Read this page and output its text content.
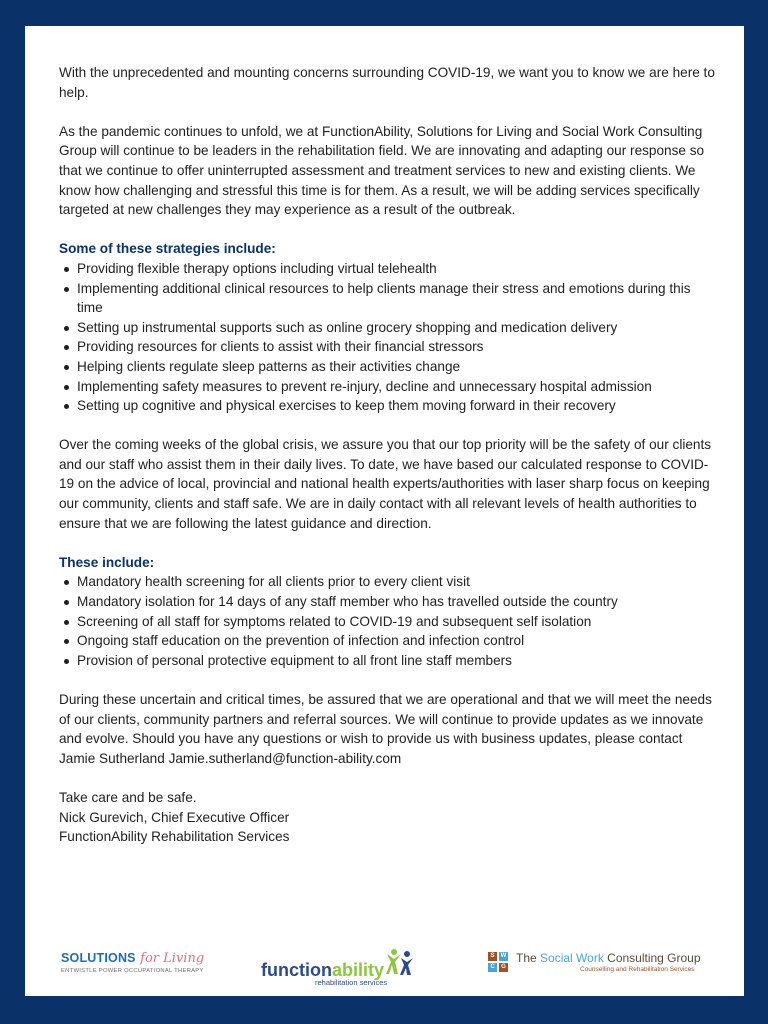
With the unprecedented and mounting concerns surrounding COVID-19, we want you to know we are here to help.

As the pandemic continues to unfold, we at FunctionAbility, Solutions for Living and Social Work Consulting Group will continue to be leaders in the rehabilitation field. We are innovating and adapting our response so that we continue to offer uninterrupted assessment and treatment services to new and existing clients. We know how challenging and stressful this time is for them. As a result, we will be adding services specifically targeted at new challenges they may experience as a result of the outbreak.

Some of these strategies include:
Providing flexible therapy options including virtual telehealth
Implementing additional clinical resources to help clients manage their stress and emotions during this time
Setting up instrumental supports such as online grocery shopping and medication delivery
Providing resources for clients to assist with their financial stressors
Helping clients regulate sleep patterns as their activities change
Implementing safety measures to prevent re-injury, decline and unnecessary hospital admission
Setting up cognitive and physical exercises to keep them moving forward in their recovery

Over the coming weeks of the global crisis, we assure you that our top priority will be the safety of our clients and our staff who assist them in their daily lives. To date, we have based our calculated response to COVID-19 on the advice of local, provincial and national health experts/authorities with laser sharp focus on keeping our community, clients and staff safe. We are in daily contact with all relevant levels of health authorities to ensure that we are following the latest guidance and direction.

These include:
Mandatory health screening for all clients prior to every client visit
Mandatory isolation for 14 days of any staff member who has travelled outside the country
Screening of all staff for symptoms related to COVID-19 and subsequent self isolation
Ongoing staff education on the prevention of infection and infection control
Provision of personal protective equipment to all front line staff members

During these uncertain and critical times, be assured that we are operational and that we will meet the needs of our clients, community partners and referral sources. We will continue to provide updates as we innovate and evolve. Should you have any questions or wish to provide us with business updates, please contact Jamie Sutherland Jamie.sutherland@function-ability.com

Take care and be safe.

Nick Gurevich, Chief Executive Officer

FunctionAbility Rehabilitation Services

SOLUTIONS for Living
ENTWISTLE POWER OCCUPATIONAL THERAPY	function ability
rehabilitation services
S	W
C	G
The Social Work Consulting Group
Counselling and Rehabilitation Services
